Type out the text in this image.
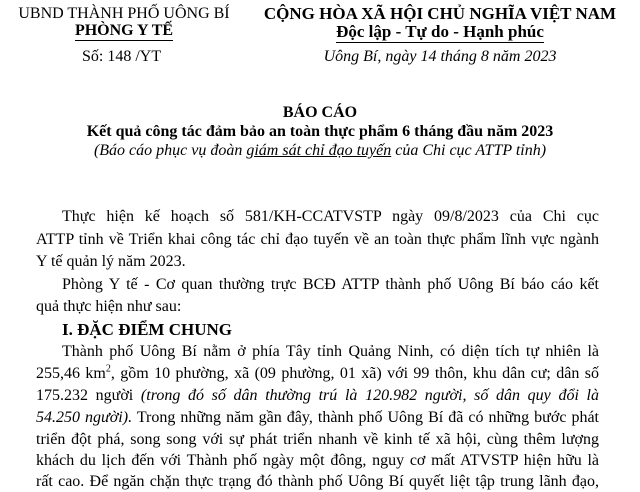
UBND THÀNH PHỐ UÔNG BÍ
PHÒNG Y TẾ
CỘNG HÒA XÃ HỘI CHỦ NGHĨA VIỆT NAM
Độc lập - Tự do - Hạnh phúc
Số: 148 /YT	Uông Bí, ngày 14 tháng 8 năm 2023
BÁO CÁO
Kết quả công tác đảm bảo an toàn thực phẩm 6 tháng đầu năm 2023
(Báo cáo phục vụ đoàn giám sát chỉ đạo tuyến của Chi cục ATTP tỉnh)
Thực hiện kế hoạch số 581/KH-CCATVSTP ngày 09/8/2023 của Chi cục
ATTP tỉnh về Triển khai công tác chỉ đạo tuyến về an toàn thực phẩm lĩnh vực ngành
Y tế quản lý năm 2023.
Phòng Y tế - Cơ quan thường trực BCĐ ATTP thành phố Uông Bí báo cáo kết
quả thực hiện như sau:
I. ĐẶC ĐIỂM CHUNG
Thành phố Uông Bí nằm ở phía Tây tỉnh Quảng Ninh, có diện tích tự nhiên là
255,46 $km^2$, gồm 10 phường, xã (09 phường, 01 xã) với 99 thôn, khu dân cư; dân số
175.232 người (trong đó số dân thường trú là 120.982 người, số dân quy đổi là
54.250 người). Trong những năm gần đây, thành phố Uông Bí đã có những bước phát
triển đột phá, song song với sự phát triển nhanh về kinh tế xã hội, cùng thêm lượng
khách du lịch đến với Thành phố ngày một đông, nguy cơ mất ATVSTP hiện hữu là
rất cao. Để ngăn chặn thực trạng đó thành phố Uông Bí quyết liệt tập trung lãnh đạo,
